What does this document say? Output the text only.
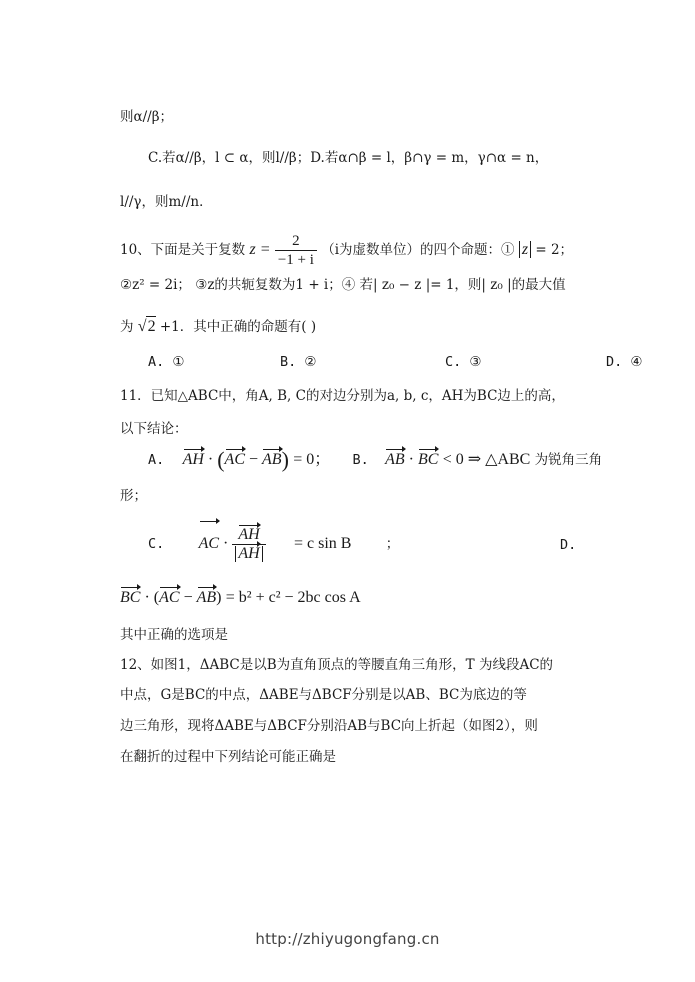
则α//β；
C.若α//β，l ⊂ α，则l//β；D.若α∩β = l，β∩γ = m，γ∩α = n，
l//γ，则m//n．
10、下面是关于复数 $z = \frac{2}{-1 + i} (i$为虚数单位）的四个命题：① z = 2；
②z² = 2i； ③z的共轭复数为1 + i；④ 若| z₀ − z |= 1，则| z₀ |的最大值
为 √2 +1．其中正确的命题有( )
A. ①	B. ②	C. ③	D. ④
11．已知△ABC中，角A, B, C的对边分别为a, b, c，AH为BC边上的高，
以下结论：
A. AH · (AC − AB) = 0； B. AB · BC < 0 ⇒ △ABC 为锐角三角
形；
C. AC · $\frac{AH}{AH} = c$ sin B	；	D.
BC · (AC − AB) = b² + c² − 2bc cos A
其中正确的选项是
12、如图1，ΔABC是以B为直角顶点的等腰直角三角形，T 为线段AC的
中点，G是BC的中点，ΔABE与ΔBCF分别是以AB、BC为底边的等
边三角形，现将ΔABE与ΔBCF分别沿AB与BC向上折起（如图2），则
在翻折的过程中下列结论可能正确是
http://zhiyugongfang.cn
